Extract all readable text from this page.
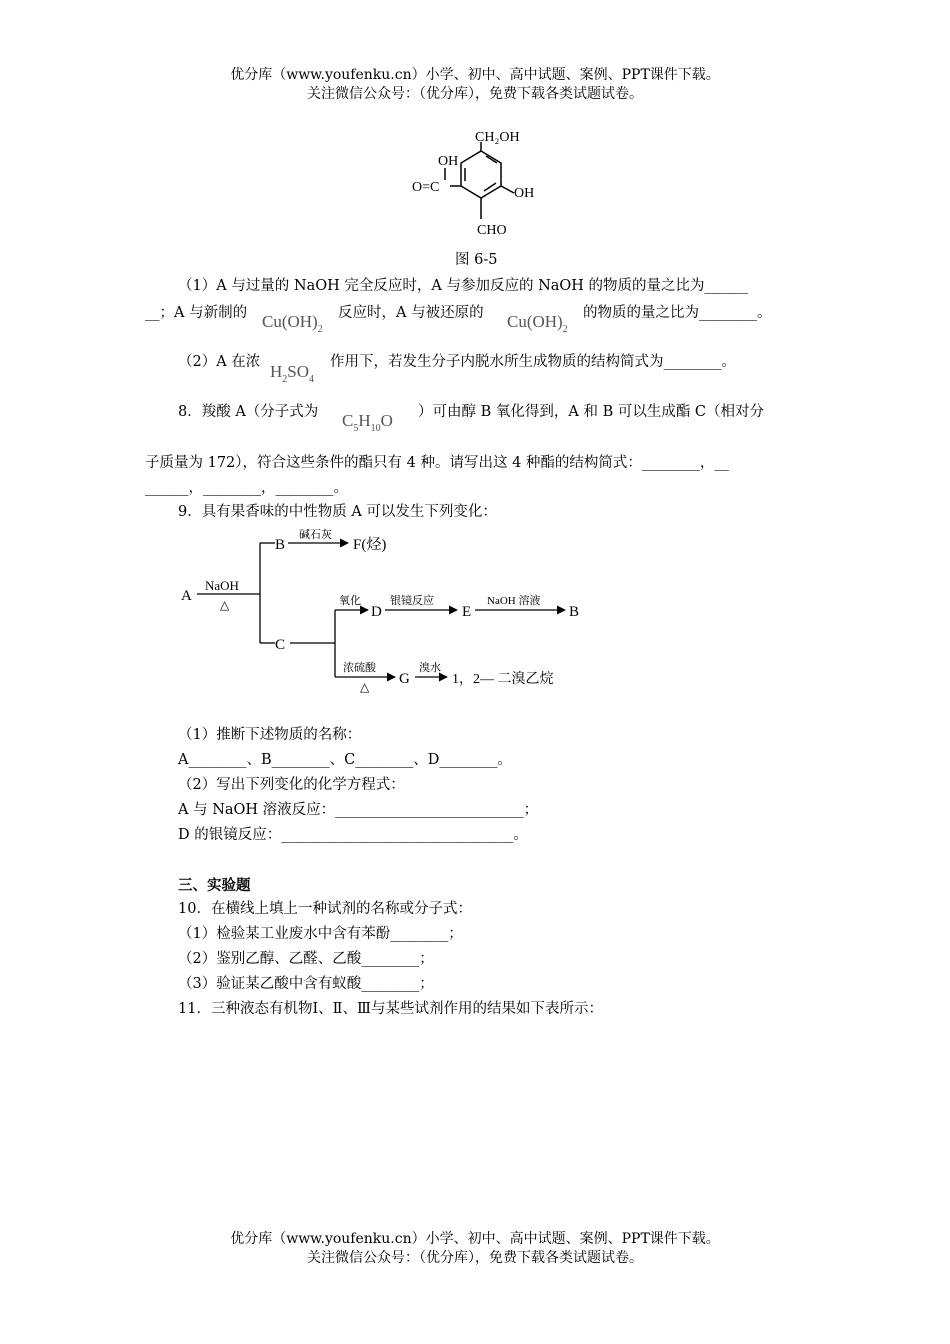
优分库（www.youfenku.cn）小学、初中、高中试题、案例、PPT课件下载。
关注微信公众号：（优分库），免费下载各类试题试卷。
CH₂OH
OH
O=C	OH
CHO
图 6-5
（1）A 与过量的 NaOH 完全反应时，A 与参加反应的 NaOH 的物质的量之比为______
__；A 与新制的 $Cu(OH)_2$
反应时，A 与被还原的 $Cu(OH)_2$
的物质的量之比为________。
（2）A 在浓 $H_2SO_4$
作用下，若发生分子内脱水所生成物质的结构简式为________。
8．羧酸 A（分子式为 $C_5H_{10}O$ ）可由醇 B 氧化得到，A 和 B 可以生成酯 C（相对分
子质量为 172），符合这些条件的酯只有 4 种。请写出这 4 种酯的结构简式：________，__
______，________，________。
9．具有果香味的中性物质 A 可以发生下列变化：
A
NaOH
△
B
碱石灰
F(烃)
C
氧化
D
银镜反应
E
NaOH 溶液
B
浓硫酸
△ G
溴水
1，2— 二溴乙烷
（1）推断下述物质的名称：
A________、B________、C________、D________。
（2）写出下列变化的化学方程式：
A 与 NaOH 溶液反应：__________________________；
D 的银镜反应：________________________________。
三、实验题
10．在横线上填上一种试剂的名称或分子式：
（1）检验某工业废水中含有苯酚________；
（2）鉴别乙醇、乙醛、乙酸________；
（3）验证某乙酸中含有蚁酸________；
11．三种液态有机物Ⅰ、Ⅱ、Ⅲ与某些试剂作用的结果如下表所示：
优分库（www.youfenku.cn）小学、初中、高中试题、案例、PPT课件下载。
关注微信公众号：（优分库），免费下载各类试题试卷。
